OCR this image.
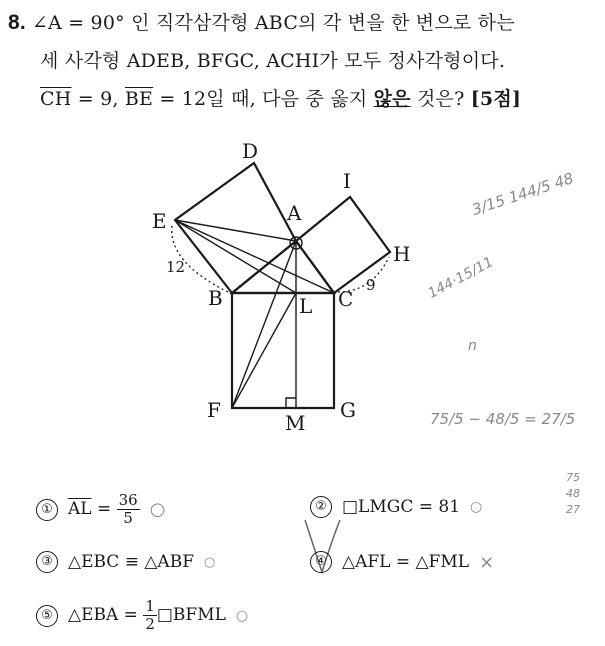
8. ∠A = 90° 인 직각삼각형 ABC의 각 변을 한 변으로 하는
세 사각형 ADEB, BFGC, ACHI가 모두 정사각형이다.
$\overline{CH} = 9$, $\overline{BE} = 12$일 때, 다음 중 옳지 않은 것은? [5점]
D
I
E	A
H
B	L C
F
M
G
12
9
① $\overline{AL} = \frac{36}{5}$ ○	② □LMGC = 81 ○
③ △EBC ≡ △ABF ○	④ △AFL = △FML ×
⑤ △EBA = $\frac{1}{2}$ □BFML ○
3/15 144/5 48
144·15/11
n
75/5 − 48/5 = 27/5
75 48 27
